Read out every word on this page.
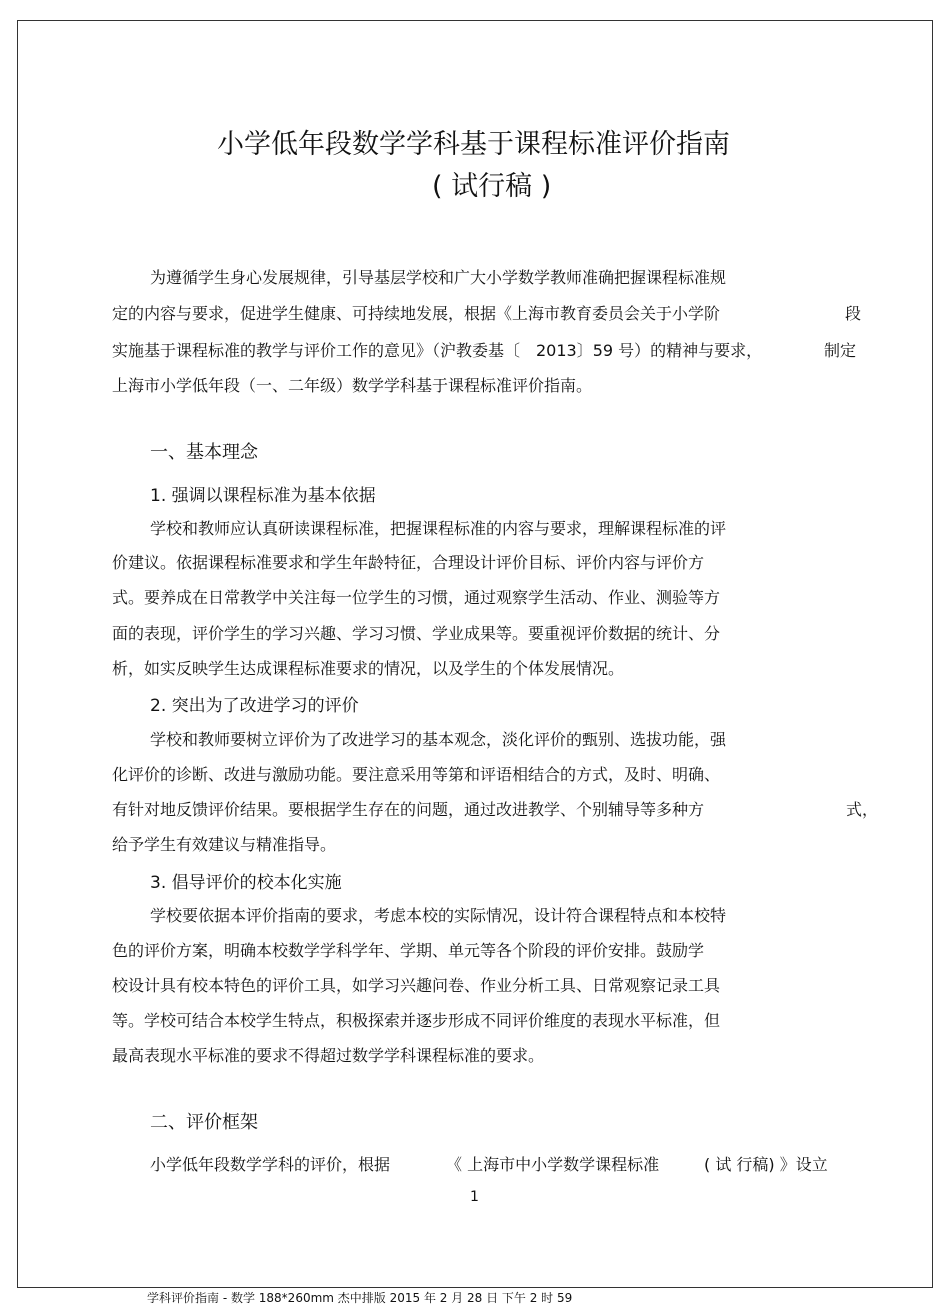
小学低年段数学学科基于课程标准评价指南
( 试行稿 )
为遵循学生身心发展规律，引导基层学校和广大小学数学教师准确把握课程标准规
定的内容与要求，促进学生健康、可持续地发展，根据《上海市教育委员会关于小学阶	段
实施基于课程标准的教学与评价工作的意见》（沪教委基〔　2013〕59 号）的精神与要求，	制定
上海市小学低年段（一、二年级）数学学科基于课程标准评价指南。
一、基本理念
1. 强调以课程标准为基本依据
学校和教师应认真研读课程标准，把握课程标准的内容与要求，理解课程标准的评
价建议。依据课程标准要求和学生年龄特征，合理设计评价目标、评价内容与评价方
式。要养成在日常教学中关注每一位学生的习惯，通过观察学生活动、作业、测验等方
面的表现，评价学生的学习兴趣、学习习惯、学业成果等。要重视评价数据的统计、分
析，如实反映学生达成课程标准要求的情况，以及学生的个体发展情况。
2. 突出为了改进学习的评价
学校和教师要树立评价为了改进学习的基本观念，淡化评价的甄别、选拔功能，强
化评价的诊断、改进与激励功能。要注意采用等第和评语相结合的方式，及时、明确、
有针对地反馈评价结果。要根据学生存在的问题，通过改进教学、个别辅导等多种方	式，
给予学生有效建议与精准指导。
3. 倡导评价的校本化实施
学校要依据本评价指南的要求，考虑本校的实际情况，设计符合课程特点和本校特
色的评价方案，明确本校数学学科学年、学期、单元等各个阶段的评价安排。鼓励学
校设计具有校本特色的评价工具，如学习兴趣问卷、作业分析工具、日常观察记录工具
等。学校可结合本校学生特点，积极探索并逐步形成不同评价维度的表现水平标准，但
最高表现水平标准的要求不得超过数学学科课程标准的要求。
二、评价框架
小学低年段数学学科的评价，根据	《 上海市中小学数学课程标准	( 试 行稿) 》设立
1
学科评价指南 - 数学 188*260mm 杰中排版 2015 年 2 月 28 日 下午 2 时 59
